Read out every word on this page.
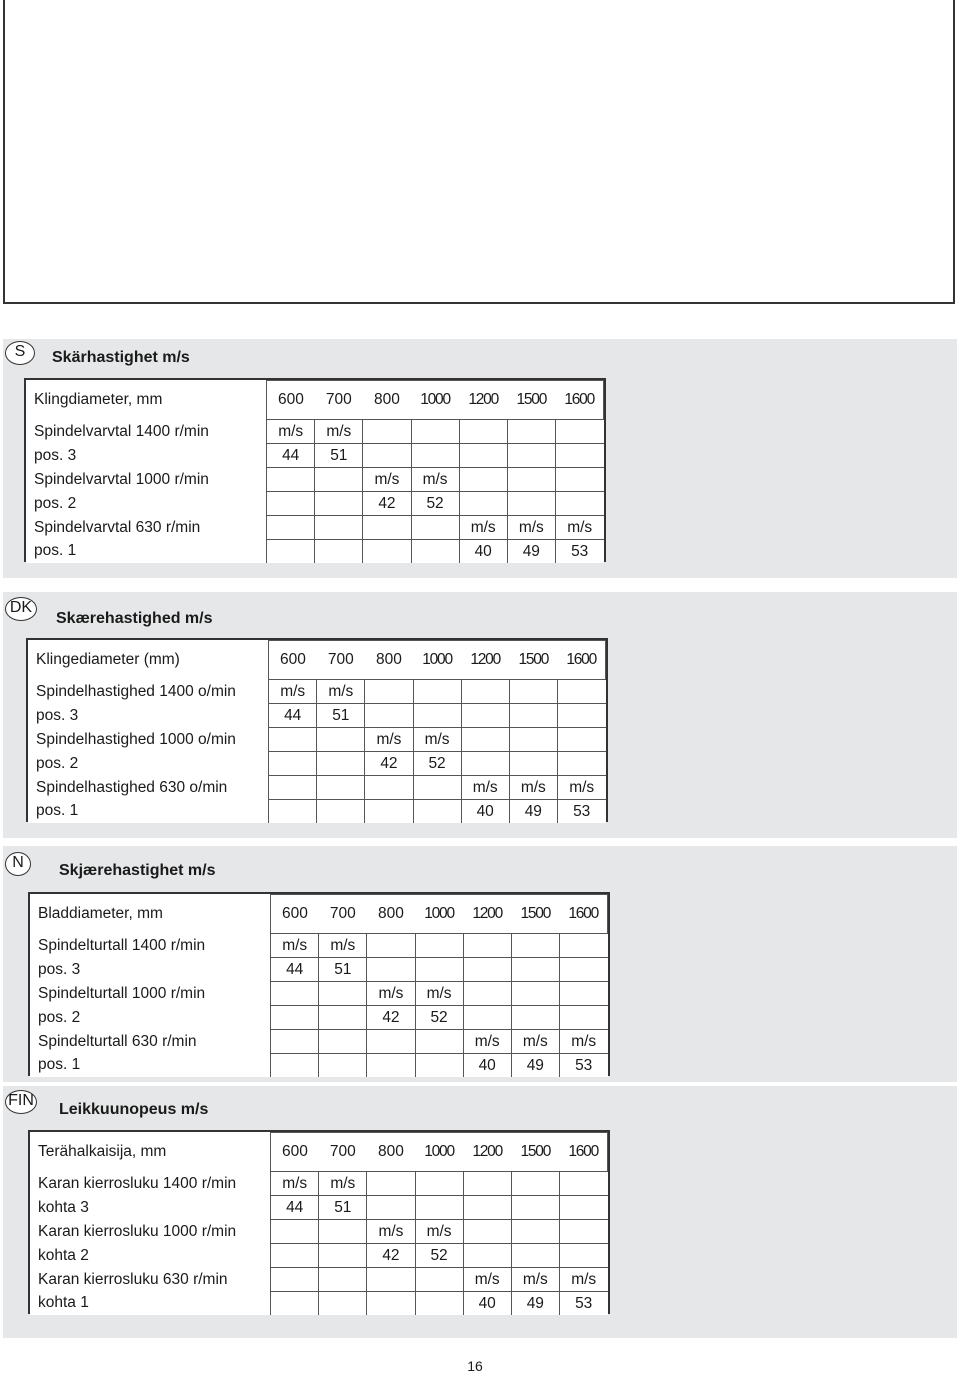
16
S	Skärhastighet m/s
Klingdiameter, mm	600	700	800	1000	1200	1500	1600
Spindelvarvtal 1400 r/min	m/s	m/s					
pos. 3	44	51					
Spindelvarvtal 1000 r/min			m/s	m/s			
pos. 2			42	52			
Spindelvarvtal 630 r/min					m/s	m/s	m/s
pos. 1					40	49	53
DK
Skærehastighed m/s
Klingediameter (mm)	600	700	800	1000	1200	1500	1600
Spindelhastighed 1400 o/min	m/s	m/s					
pos. 3	44	51					
Spindelhastighed 1000 o/min			m/s	m/s			
pos. 2			42	52			
Spindelhastighed 630 o/min					m/s	m/s	m/s
pos. 1					40	49	53
N	Skjærehastighet m/s
Bladdiameter, mm	600	700	800	1000	1200	1500	1600
Spindelturtall 1400 r/min	m/s	m/s					
pos. 3	44	51					
Spindelturtall 1000 r/min			m/s	m/s			
pos. 2			42	52			
Spindelturtall 630 r/min					m/s	m/s	m/s
pos. 1					40	49	53
FIN
Leikkuunopeus m/s
Terähalkaisija, mm	600	700	800	1000	1200	1500	1600
Karan kierrosluku 1400 r/min	m/s	m/s					
kohta 3	44	51					
Karan kierrosluku 1000 r/min			m/s	m/s			
kohta 2			42	52			
Karan kierrosluku 630 r/min					m/s	m/s	m/s
kohta 1					40	49	53
